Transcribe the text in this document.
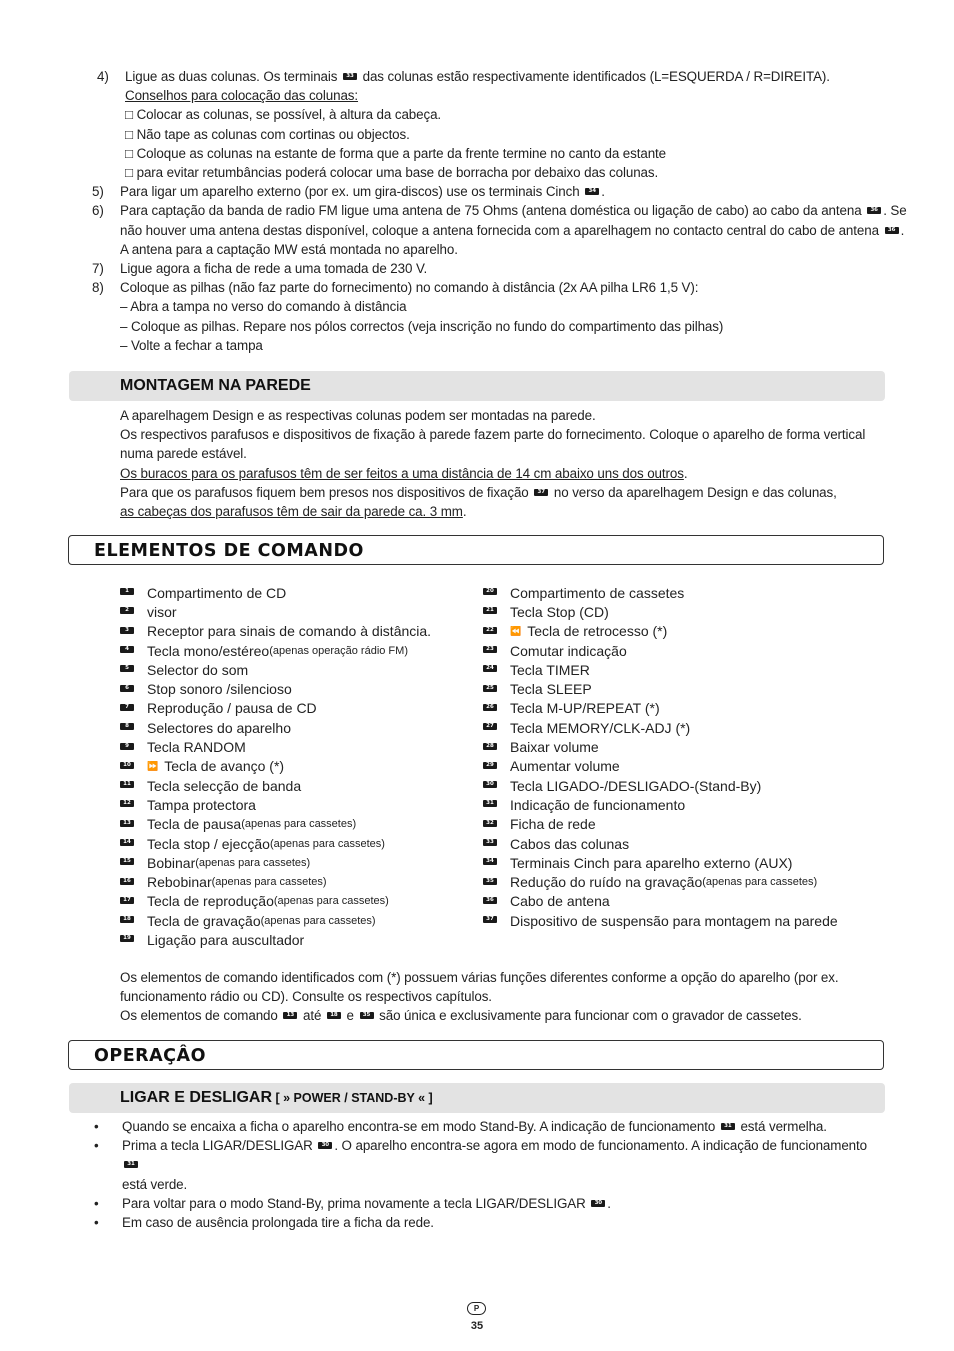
4)	Ligue as duas colunas. Os terminais 33 das colunas estão respectivamente identificados (L=ESQUERDA / R=DIREITA).
Conselhos para colocação das colunas:
□ Colocar as colunas, se possível, à altura da cabeça.
□ Não tape as colunas com cortinas ou objectos.
□ Coloque as colunas na estante de forma que a parte da frente termine no canto da estante
□ para evitar retumbâncias poderá colocar uma base de borracha por debaixo das colunas.
5)	Para ligar um aparelho externo (por ex. um gira-discos) use os terminais Cinch 34 .
6)	Para captação da banda de radio FM ligue uma antena de 75 Ohms (antena doméstica ou ligação de cabo) ao cabo da antena 36 . Se
não houver uma antena destas disponível, coloque a antena fornecida com a aparelhagem no contacto central do cabo de antena 36 .
A antena para a captação MW está montada no aparelho.
7)	Ligue agora a ficha de rede a uma tomada de 230 V.
8)	Coloque as pilhas (não faz parte do fornecimento) no comando à distância (2x AA pilha LR6 1,5 V):
– Abra a tampa no verso do comando à distância
– Coloque as pilhas. Repare nos pólos correctos (veja inscrição no fundo do compartimento das pilhas)
– Volte a fechar a tampa
MONTAGEM NA PAREDE
A aparelhagem Design e as respectivas colunas podem ser montadas na parede.
Os respectivos parafusos e dispositivos de fixação à parede fazem parte do fornecimento. Coloque o aparelho de forma vertical
numa parede estável.
Os buracos para os parafusos têm de ser feitos a uma distância de 14 cm abaixo uns dos outros.
Para que os parafusos fiquem bem presos nos dispositivos de fixação 37 no verso da aparelhagem Design e das colunas,
as cabeças dos parafusos têm de sair da parede ca. 3 mm.
ELEMENTOS DE COMANDO
1	Compartimento de CD
2	visor
3	Receptor para sinais de comando à distância.
4	Tecla mono/estéreo (apenas operação rádio FM)
5	Selector do som
6	Stop sonoro /silencioso
7	Reprodução / pausa de CD
8	Selectores do aparelho
9	Tecla RANDOM
10	⏩ Tecla de avanço (*)
11 Tecla selecção de banda
12 Tampa protectora
13 Tecla de pausa (apenas para cassetes)
14 Tecla stop / ejecção (apenas para cassetes)
15 Bobinar (apenas para cassetes)
16 Rebobinar (apenas para cassetes)
17 Tecla de reprodução (apenas para cassetes)
18 Tecla de gravação (apenas para cassetes)
19 Ligação para auscultador
20 Compartimento de cassetes
21 Tecla Stop (CD)
22	⏪ Tecla de retrocesso (*)
23 Comutar indicação
24 Tecla TIMER
25 Tecla SLEEP
26 Tecla M-UP/REPEAT (*)
27 Tecla MEMORY/CLK-ADJ (*)
28 Baixar volume
29 Aumentar volume
30 Tecla LIGADO-/DESLIGADO-(Stand-By)
31 Indicação de funcionamento
32 Ficha de rede
33 Cabos das colunas
34 Terminais Cinch para aparelho externo (AUX)
35 Redução do ruído na gravação (apenas para cassetes)
36 Cabo de antena
37 Dispositivo de suspensão para montagem na parede
Os elementos de comando identificados com (*) possuem várias funções diferentes conforme a opção do aparelho (por ex.
funcionamento rádio ou CD). Consulte os respectivos capítulos.
Os elementos de comando 13 até 18 e 35 são única e exclusivamente para funcionar com o gravador de cassetes.
OPERAÇÂO
LIGAR E DESLIGAR [ » POWER / STAND-BY « ]
•	Quando se encaixa a ficha o aparelho encontra-se em modo Stand-By. A indicação de funcionamento 31 está vermelha.
•	Prima a tecla LIGAR/DESLIGAR 30 . O aparelho encontra-se agora em modo de funcionamento. A indicação de funcionamento 31
está verde.
•	Para voltar para o modo Stand-By, prima novamente a tecla LIGAR/DESLIGAR 30 .
•	Em caso de ausência prolongada tire a ficha da rede.
P
35
